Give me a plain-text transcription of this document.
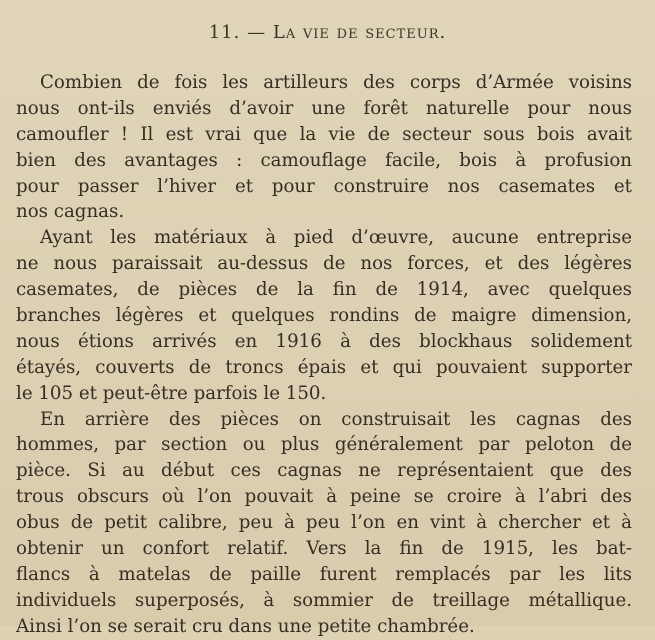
11. — La vie de secteur.
Combien de fois les artilleurs des corps d’Armée voisins
nous ont-ils enviés d’avoir une forêt naturelle pour nous
camoufler ! Il est vrai que la vie de secteur sous bois avait
bien des avantages : camouflage facile, bois à profusion
pour passer l’hiver et pour construire nos casemates et
nos cagnas.
Ayant les matériaux à pied d’œuvre, aucune entreprise
ne nous paraissait au-dessus de nos forces, et des légères
casemates, de pièces de la fin de 1914, avec quelques
branches légères et quelques rondins de maigre dimension,
nous étions arrivés en 1916 à des blockhaus solidement
étayés, couverts de troncs épais et qui pouvaient supporter
le 105 et peut-être parfois le 150.
En arrière des pièces on construisait les cagnas des
hommes, par section ou plus généralement par peloton de
pièce. Si au début ces cagnas ne représentaient que des
trous obscurs où l’on pouvait à peine se croire à l’abri des
obus de petit calibre, peu à peu l’on en vint à chercher et à
obtenir un confort relatif. Vers la fin de 1915, les bat-
flancs à matelas de paille furent remplacés par les lits
individuels superposés, à sommier de treillage métallique.
Ainsi l’on se serait cru dans une petite chambrée.
